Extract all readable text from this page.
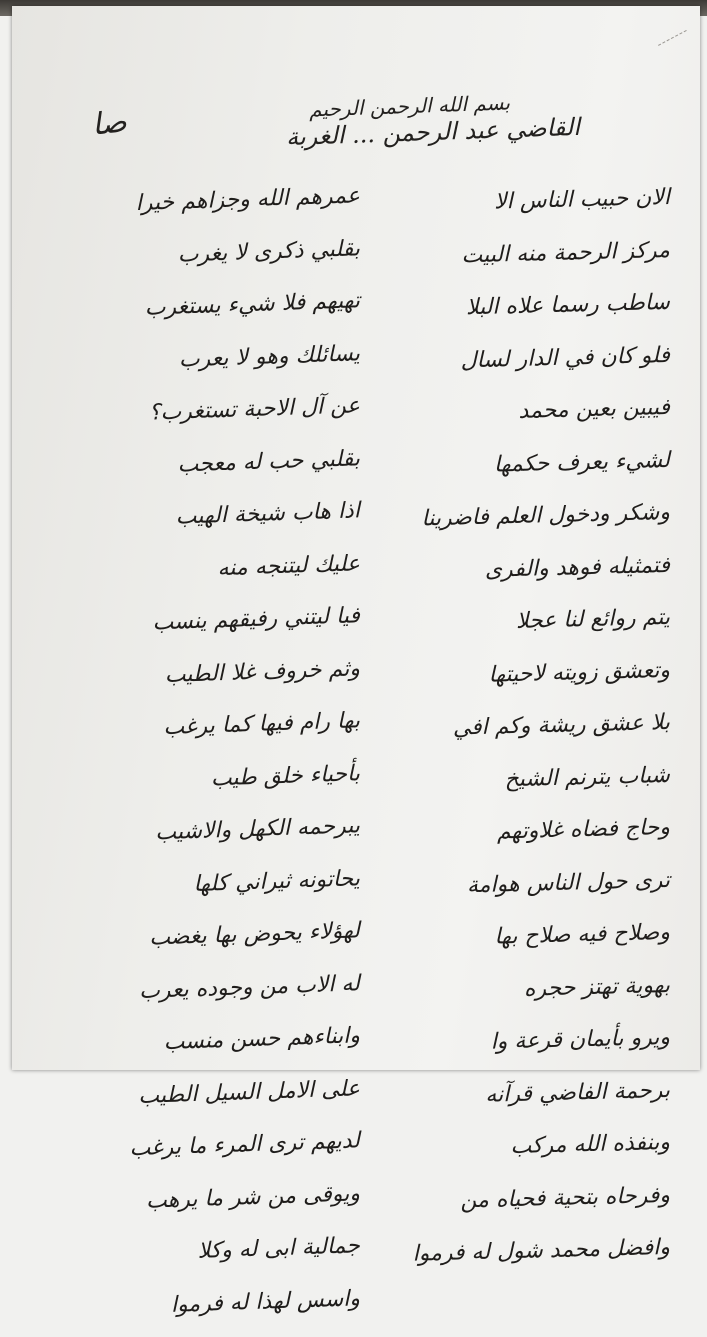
بسم الله الرحمن الرحيم
صا	القاضي عبد الرحمن ... الغربة
الان حبيب الناس الا
مركز الرحمة منه البيت
ساطب رسما علاه البلا
فلو كان في الدار لسال
فيبين بعين محمد
لشيء يعرف حكمها
وشكر ودخول العلم فاضرينا
فتمثيله فوهد والفرى
يتم روائع لنا عجلا
وتعشق زويته لاحيتها
بلا عشق ريشة وكم افي
شباب يترنم الشيخ
وحاج فضاه غلاوتهم
ترى حول الناس هوامة
وصلاح فيه صلاح بها
بهوية تهتز حجره
ويرو بأيمان قرعة وا
برحمة الفاضي قرآنه
وبنفذه الله مركب
وفرحاه بتحية فحياه من
وافضل محمد شول له فرموا
عمرهم الله وجزاهم خيرا
بقلبي ذكرى لا يغرب
تهيهم فلا شيء يستغرب
يسائلك وهو لا يعرب
عن آل الاحبة تستغرب؟
بقلبي حب له معجب
اذا هاب شيخة الهيب
عليك ليتنجه منه
فيا ليتني رفيقهم ينسب
وثم خروف غلا الطيب
بها رام فيها كما يرغب
بأحياء خلق طيب
يبرحمه الكهل والاشيب
يحاتونه ثيراني كلها
لهؤلاء يحوض بها يغضب
له الاب من وجوده يعرب
وابناءهم حسن منسب
على الامل السيل الطيب
لديهم ترى المرء ما يرغب
ويوقى من شر ما يرهب
جمالية ابى له وكلا
واسس لهذا له فرموا
